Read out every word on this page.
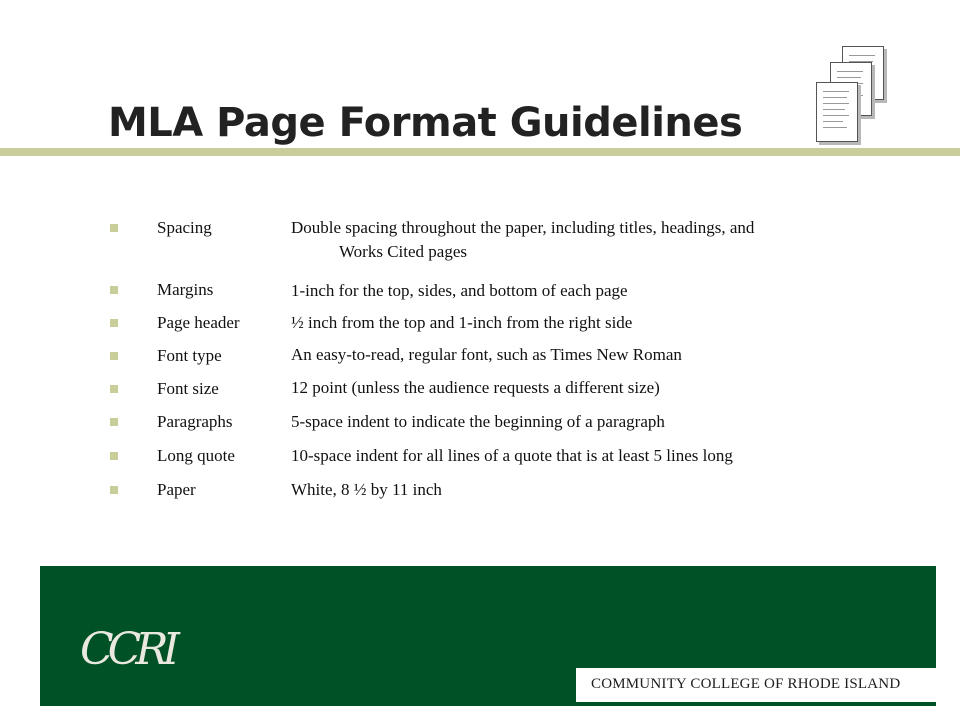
MLA Page Format Guidelines
Spacing	Double spacing throughout the paper, including titles, headings, and
Works Cited pages
Margins	1-inch for the top, sides, and bottom of each page
Page header	½ inch from the top and 1-inch from the right side
Font type	An easy-to-read, regular font, such as Times New Roman
Font size	12 point (unless the audience requests a different size)
Paragraphs	5-space indent to indicate the beginning of a paragraph
Long quote	10-space indent for all lines of a quote that is at least 5 lines long
Paper	White, 8 ½ by 11 inch
CCRI
COMMUNITY COLLEGE OF RHODE ISLAND
